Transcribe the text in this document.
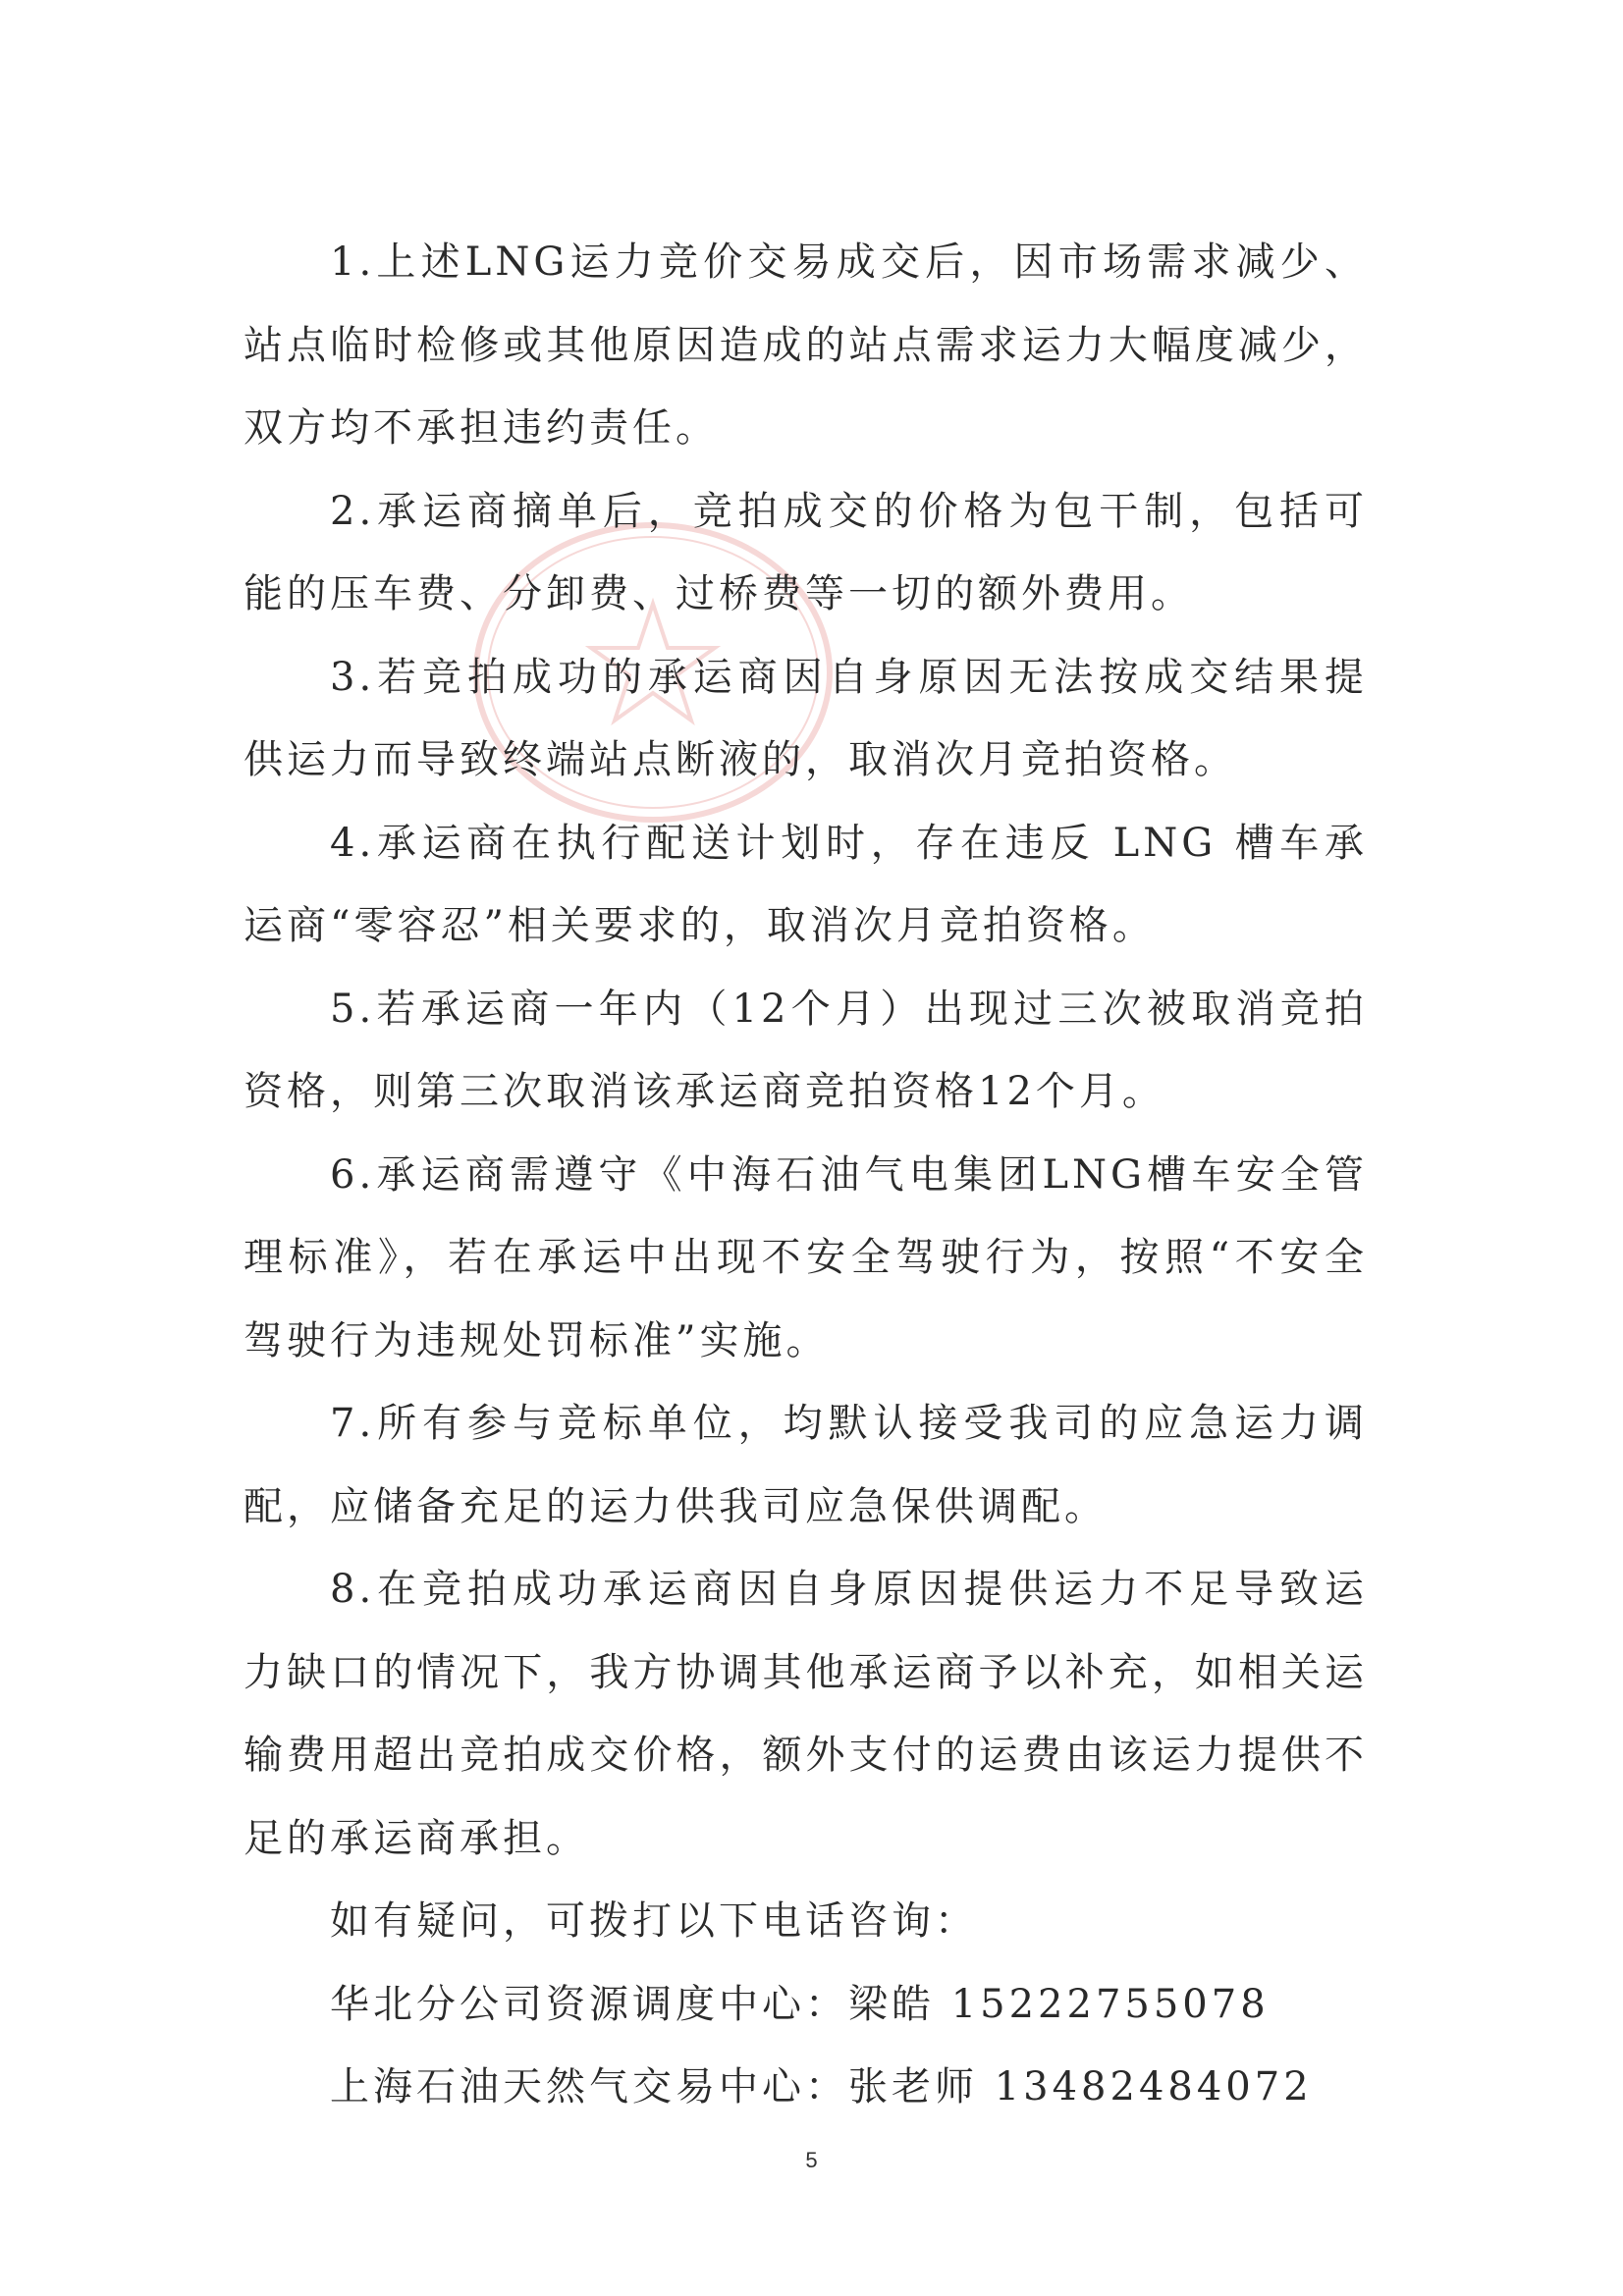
1.上述LNG运力竞价交易成交后，因市场需求减少、站点临时检修或其他原因造成的站点需求运力大幅度减少，双方均不承担违约责任。

2.承运商摘单后，竞拍成交的价格为包干制，包括可能的压车费、分卸费、过桥费等一切的额外费用。

3.若竞拍成功的承运商因自身原因无法按成交结果提供运力而导致终端站点断液的，取消次月竞拍资格。

4.承运商在执行配送计划时，存在违反 LNG 槽车承运商“零容忍”相关要求的，取消次月竞拍资格。

5.若承运商一年内（12个月）出现过三次被取消竞拍资格，则第三次取消该承运商竞拍资格12个月。

6.承运商需遵守《中海石油气电集团LNG槽车安全管理标准》，若在承运中出现不安全驾驶行为，按照“不安全驾驶行为违规处罚标准”实施。

7.所有参与竞标单位，均默认接受我司的应急运力调配，应储备充足的运力供我司应急保供调配。

8.在竞拍成功承运商因自身原因提供运力不足导致运力缺口的情况下，我方协调其他承运商予以补充，如相关运输费用超出竞拍成交价格，额外支付的运费由该运力提供不足的承运商承担。

如有疑问，可拨打以下电话咨询：

华北分公司资源调度中心：梁皓 15222755078

上海石油天然气交易中心：张老师 13482484072

5
